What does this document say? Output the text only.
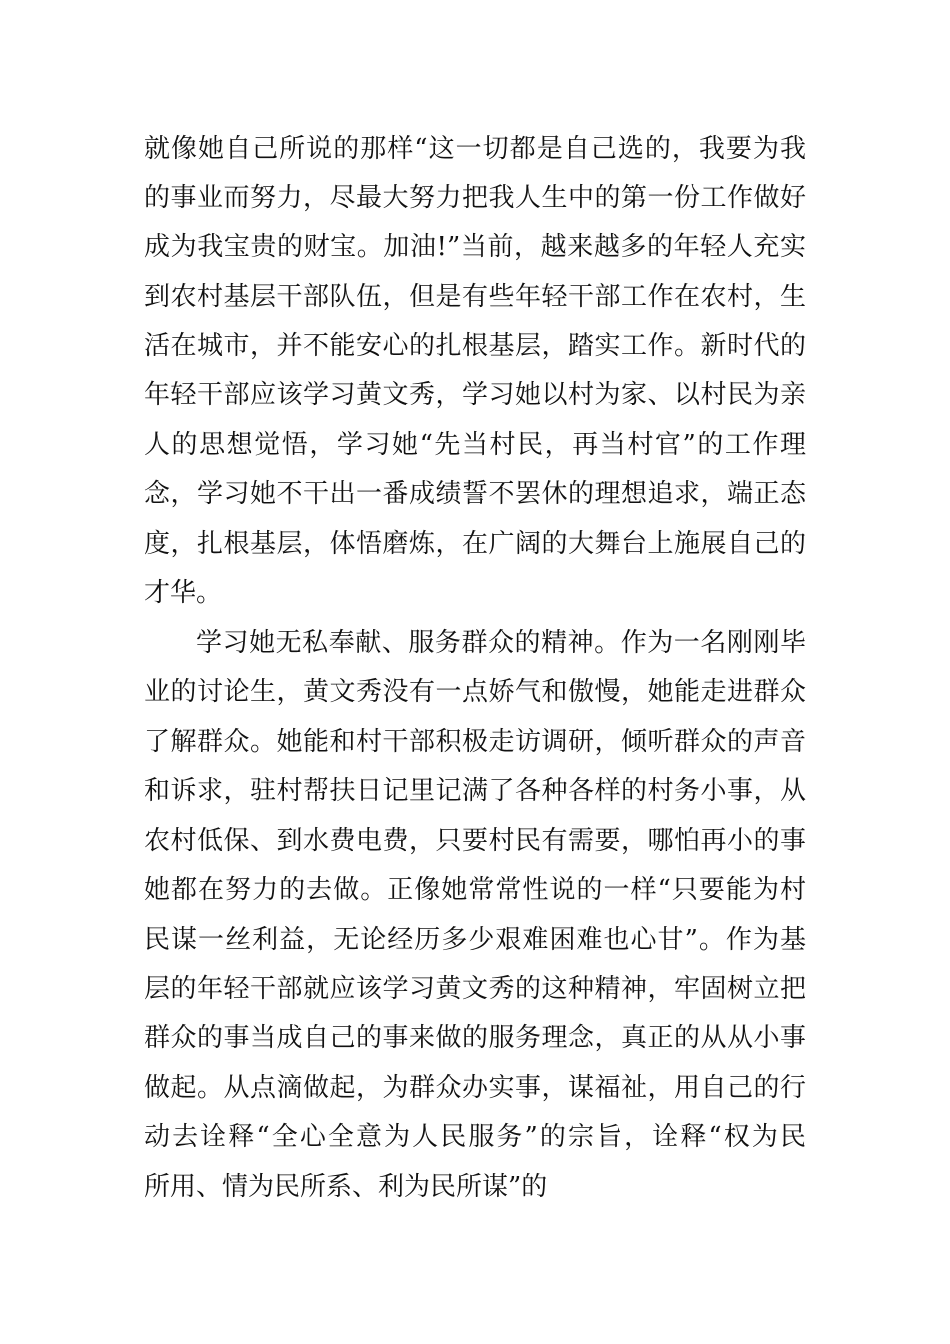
就像她自己所说的那样“这一切都是自己选的，我要为我
的事业而努力，尽最大努力把我人生中的第一份工作做好
成为我宝贵的财宝。加油!”当前，越来越多的年轻人充实
到农村基层干部队伍，但是有些年轻干部工作在农村，生
活在城市，并不能安心的扎根基层，踏实工作。新时代的
年轻干部应该学习黄文秀，学习她以村为家、以村民为亲
人的思想觉悟，学习她“先当村民，再当村官”的工作理
念，学习她不干出一番成绩誓不罢休的理想追求，端正态
度，扎根基层，体悟磨炼，在广阔的大舞台上施展自己的
才华。
学习她无私奉献、服务群众的精神。作为一名刚刚毕
业的讨论生，黄文秀没有一点娇气和傲慢，她能走进群众
了解群众。她能和村干部积极走访调研，倾听群众的声音
和诉求，驻村帮扶日记里记满了各种各样的村务小事，从
农村低保、到水费电费，只要村民有需要，哪怕再小的事
她都在努力的去做。正像她常常性说的一样“只要能为村
民谋一丝利益，无论经历多少艰难困难也心甘”。作为基
层的年轻干部就应该学习黄文秀的这种精神，牢固树立把
群众的事当成自己的事来做的服务理念，真正的从从小事
做起。从点滴做起，为群众办实事，谋福祉，用自己的行
动去诠释“全心全意为人民服务”的宗旨，诠释“权为民
所用、情为民所系、利为民所谋”的
